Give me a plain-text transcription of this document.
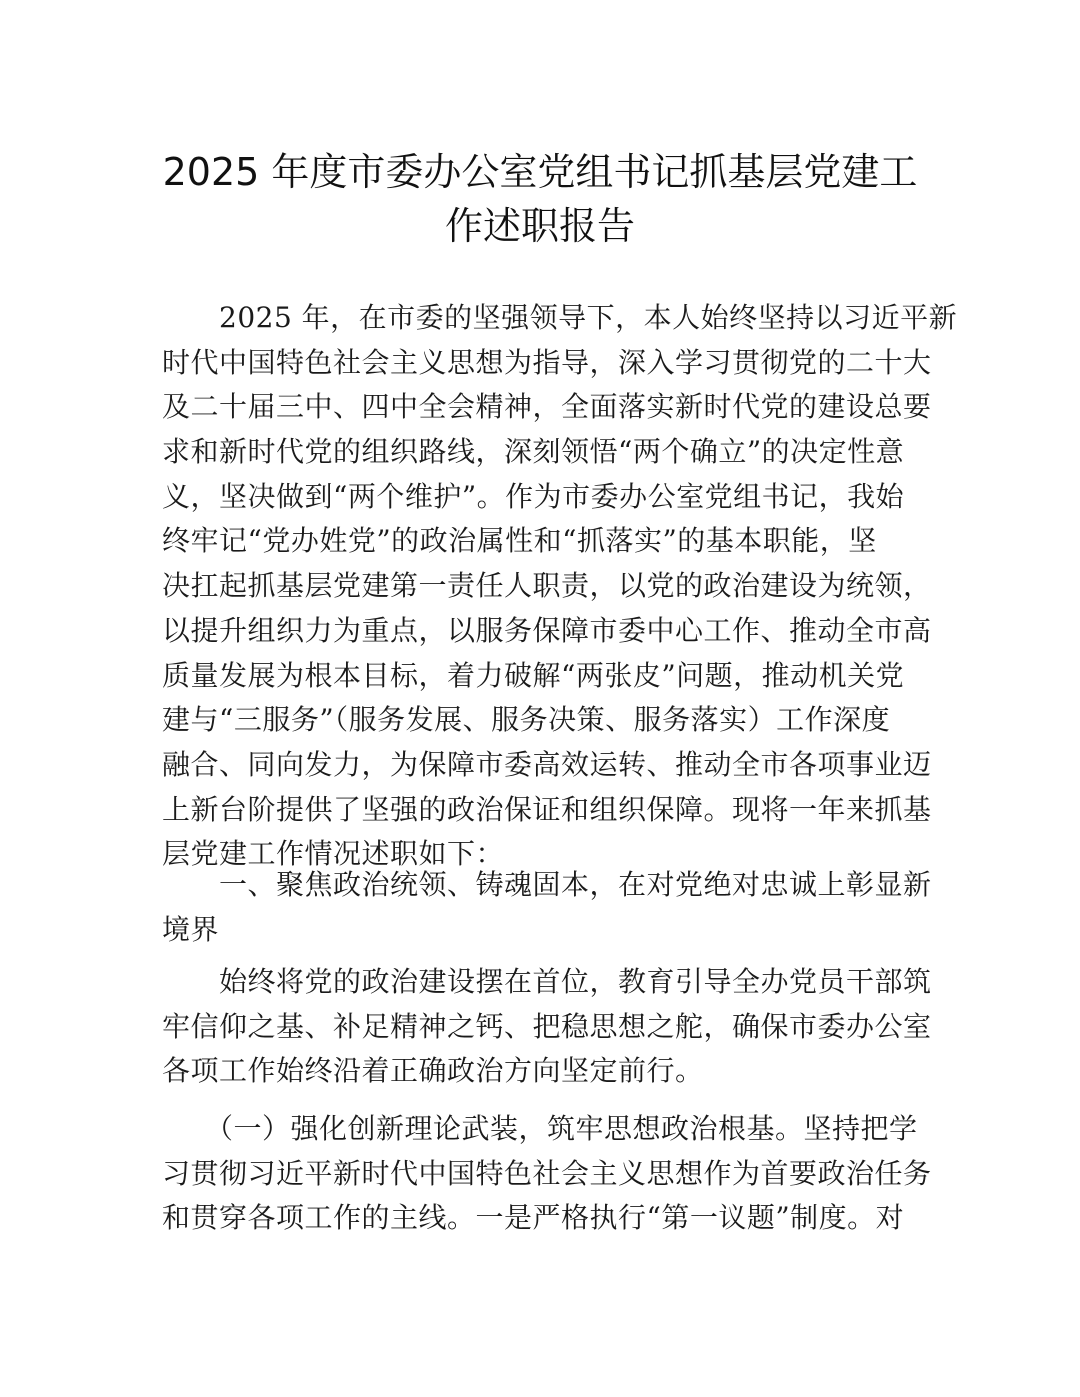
2025 年度市委办公室党组书记抓基层党建工
作述职报告
　　2025 年，在市委的坚强领导下，本人始终坚持以习近平新
时代中国特色社会主义思想为指导，深入学习贯彻党的二十大
及二十届三中、四中全会精神，全面落实新时代党的建设总要
求和新时代党的组织路线，深刻领悟“两个确立”的决定性意
义，坚决做到“两个维护”。作为市委办公室党组书记，我始
终牢记“党办姓党”的政治属性和“抓落实”的基本职能，坚
决扛起抓基层党建第一责任人职责，以党的政治建设为统领，
以提升组织力为重点，以服务保障市委中心工作、推动全市高
质量发展为根本目标，着力破解“两张皮”问题，推动机关党
建与“三服务”（服务发展、服务决策、服务落实）工作深度
融合、同向发力，为保障市委高效运转、推动全市各项事业迈
上新台阶提供了坚强的政治保证和组织保障。现将一年来抓基
层党建工作情况述职如下：
　　一、聚焦政治统领、铸魂固本，在对党绝对忠诚上彰显新
境界
　　始终将党的政治建设摆在首位，教育引导全办党员干部筑
牢信仰之基、补足精神之钙、把稳思想之舵，确保市委办公室
各项工作始终沿着正确政治方向坚定前行。
　　（一）强化创新理论武装，筑牢思想政治根基。坚持把学
习贯彻习近平新时代中国特色社会主义思想作为首要政治任务
和贯穿各项工作的主线。一是严格执行“第一议题”制度。对
